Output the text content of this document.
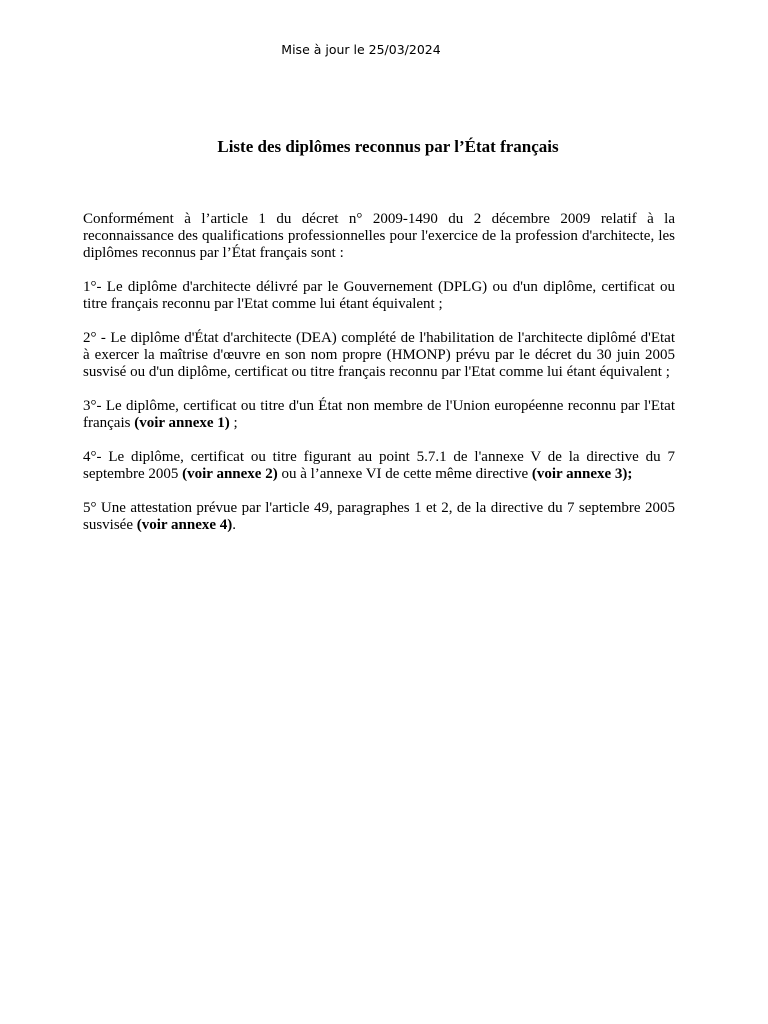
Mise à jour le 25/03/2024
Liste des diplômes reconnus par l’État français

Conformément à l’article 1 du décret n° 2009-1490 du 2 décembre 2009 relatif à la reconnaissance des qualifications professionnelles pour l'exercice de la profession d'architecte, les diplômes reconnus par l’État français sont :

1°- Le diplôme d'architecte délivré par le Gouvernement (DPLG) ou d'un diplôme, certificat ou titre français reconnu par l'Etat comme lui étant équivalent ;

2° - Le diplôme d'État d'architecte (DEA) complété de l'habilitation de l'architecte diplômé d'Etat à exercer la maîtrise d'œuvre en son nom propre (HMONP) prévu par le décret du 30 juin 2005 susvisé ou d'un diplôme, certificat ou titre français reconnu par l'Etat comme lui étant équivalent ;

3°- Le diplôme, certificat ou titre d'un État non membre de l'Union européenne reconnu par l'Etat français (voir annexe 1) ;

4°- Le diplôme, certificat ou titre figurant au point 5.7.1 de l'annexe V de la directive du 7 septembre 2005 (voir annexe 2) ou à l’annexe VI de cette même directive (voir annexe 3);

5° Une attestation prévue par l'article 49, paragraphes 1 et 2, de la directive du 7 septembre 2005 susvisée (voir annexe 4).
